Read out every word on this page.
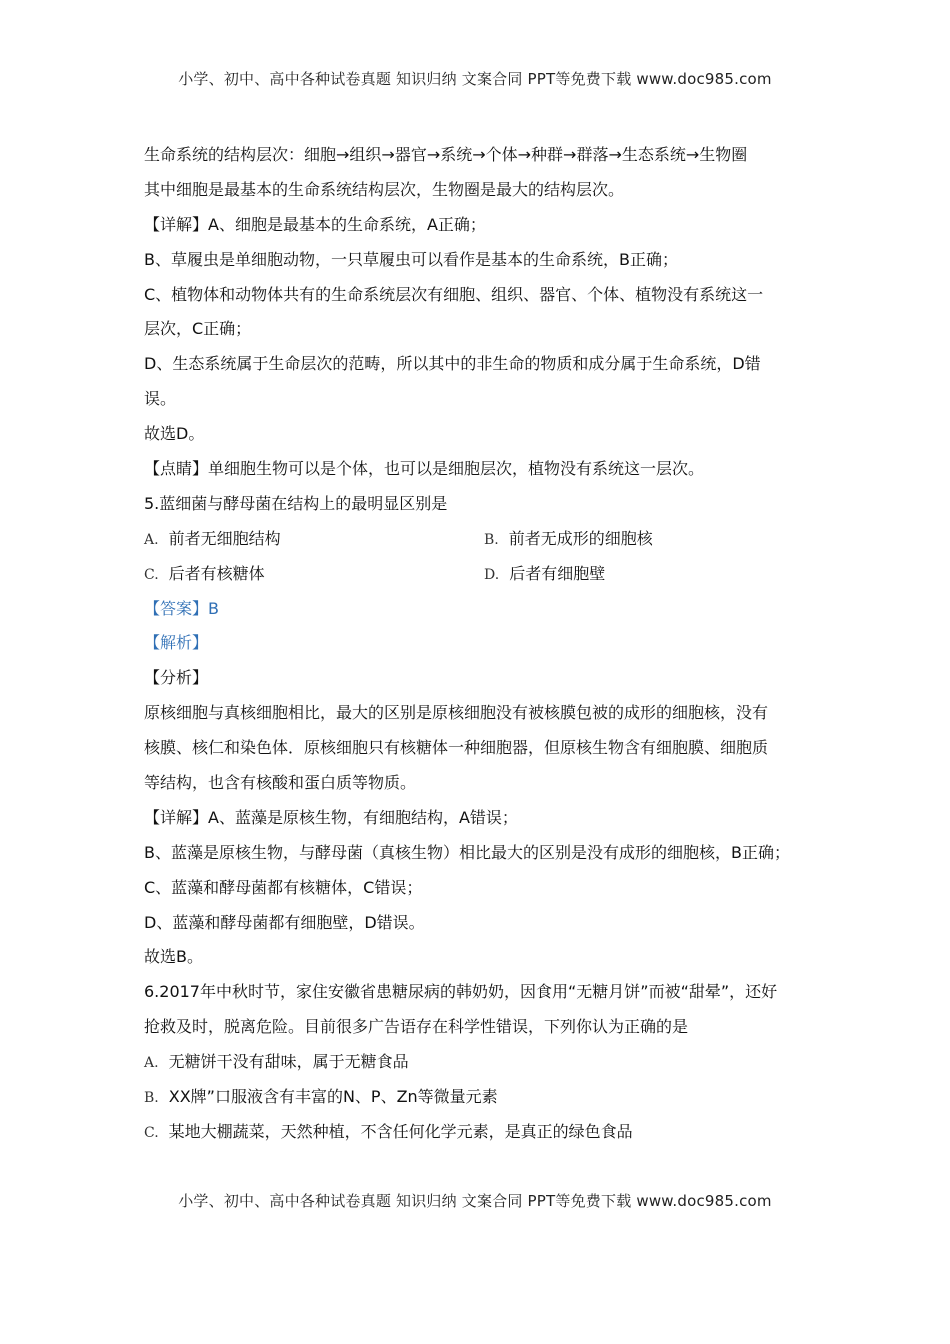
小学、初中、高中各种试卷真题 知识归纳 文案合同 PPT等免费下载 www.doc985.com
生命系统的结构层次：细胞→组织→器官→系统→个体→种群→群落→生态系统→生物圈
其中细胞是最基本的生命系统结构层次，生物圈是最大的结构层次。
【详解】A、细胞是最基本的生命系统，A正确；
B、草履虫是单细胞动物，一只草履虫可以看作是基本的生命系统，B正确；
C、植物体和动物体共有的生命系统层次有细胞、组织、器官、个体、植物没有系统这一
层次，C正确；
D、生态系统属于生命层次的范畴，所以其中的非生命的物质和成分属于生命系统，D错
误。
故选D。
【点睛】单细胞生物可以是个体，也可以是细胞层次，植物没有系统这一层次。
5.蓝细菌与酵母菌在结构上的最明显区别是
A. 前者无细胞结构	B. 前者无成形的细胞核
C. 后者有核糖体	D. 后者有细胞壁
【答案】B
【解析】
【分析】
原核细胞与真核细胞相比，最大的区别是原核细胞没有被核膜包被的成形的细胞核，没有
核膜、核仁和染色体．原核细胞只有核糖体一种细胞器，但原核生物含有细胞膜、细胞质
等结构，也含有核酸和蛋白质等物质。
【详解】A、蓝藻是原核生物，有细胞结构，A错误；
B、蓝藻是原核生物，与酵母菌（真核生物）相比最大的区别是没有成形的细胞核，B正确；
C、蓝藻和酵母菌都有核糖体，C错误；
D、蓝藻和酵母菌都有细胞壁，D错误。
故选B。
6.2017年中秋时节，家住安徽省患糖尿病的韩奶奶，因食用“无糖月饼”而被“甜晕”，还好
抢救及时，脱离危险。目前很多广告语存在科学性错误，下列你认为正确的是
A. 无糖饼干没有甜味，属于无糖食品
B. XX牌”口服液含有丰富的N、P、Zn等微量元素
C. 某地大棚蔬菜，天然种植，不含任何化学元素，是真正的绿色食品
小学、初中、高中各种试卷真题 知识归纳 文案合同 PPT等免费下载 www.doc985.com
